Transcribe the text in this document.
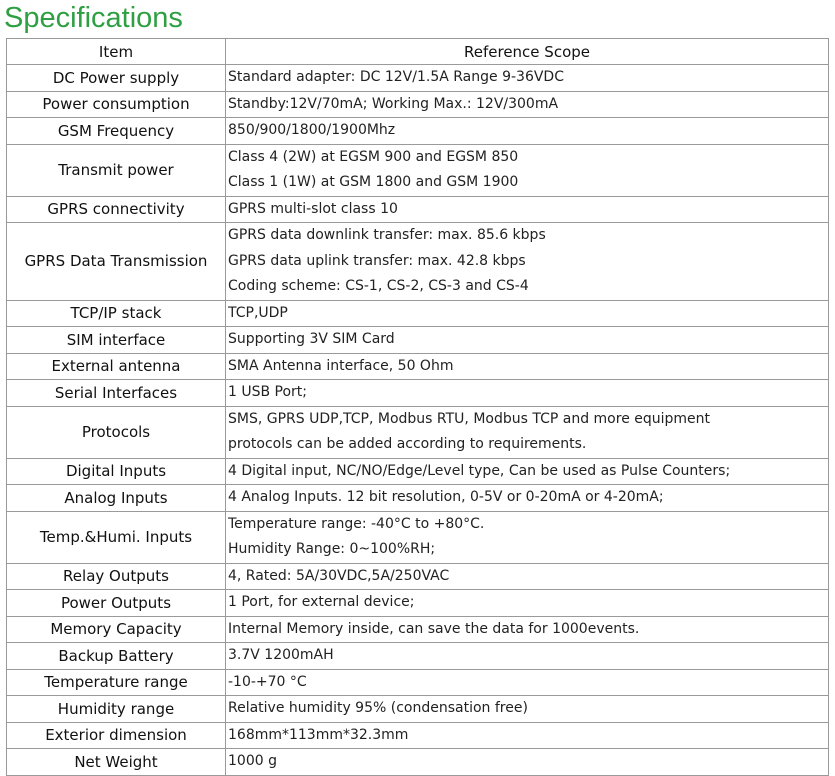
Specifications
Item	Reference Scope
DC Power supply	Standard adapter: DC 12V/1.5A Range 9-36VDC

Power consumption	Standby:12V/70mA; Working Max.: 12V/300mA

GSM Frequency	850/900/1800/1900Mhz

Transmit power	Class 4 (2W) at EGSM 900 and EGSM 850
Class 1 (1W) at GSM 1800 and GSM 1900

GPRS connectivity	GPRS multi-slot class 10

GPRS Data Transmission	GPRS data downlink transfer: max. 85.6 kbps
GPRS data uplink transfer: max. 42.8 kbps
Coding scheme: CS-1, CS-2, CS-3 and CS-4

TCP/IP stack	TCP,UDP

SIM interface	Supporting 3V SIM Card

External antenna	SMA Antenna interface, 50 Ohm

Serial Interfaces	1 USB Port;

Protocols	SMS, GPRS UDP,TCP, Modbus RTU, Modbus TCP and more equipment
protocols can be added according to requirements.

Digital Inputs	4 Digital input, NC/NO/Edge/Level type, Can be used as Pulse Counters;

Analog Inputs	4 Analog Inputs. 12 bit resolution, 0-5V or 0-20mA or 4-20mA;

Temp.&Humi. Inputs	Temperature range: -40°C to +80°C.
Humidity Range: 0~100%RH;

Relay Outputs	4, Rated: 5A/30VDC,5A/250VAC

Power Outputs	1 Port, for external device;

Memory Capacity	Internal Memory inside, can save the data for 1000events.

Backup Battery	3.7V 1200mAH

Temperature range	-10-+70 °C

Humidity range	Relative humidity 95% (condensation free)

Exterior dimension	168mm*113mm*32.3mm

Net Weight	1000 g
